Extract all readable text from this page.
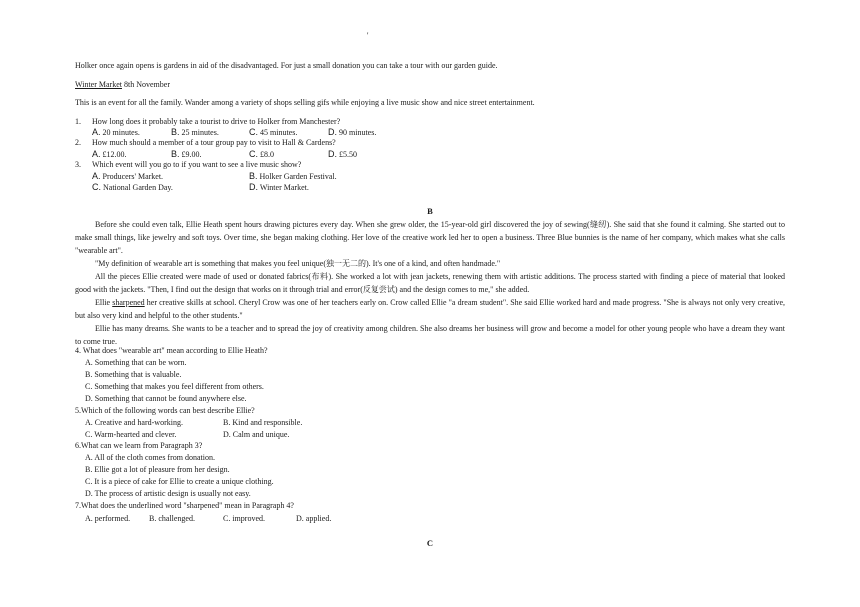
'
Holker once again opens is gardens in aid of the disadvantaged. For just a small donation you can take a tour with our garden guide.
Winter Market 8th November
This is an event for all the family. Wander among a variety of shops selling gifs while enjoying a live music show and nice street entertainment.
1. How long does it probably take a tourist to drive to Holker from Manchester?
A. 20 minutes.	B. 25 minutes.	C. 45 minutes.	D. 90 minutes.
2. How much should a member of a tour group pay to visit to Hall & Cardens?
A. £12.00.	B. £9.00.	C. £8.0	D. £5.50
3. Which event will you go to if you want to see a live music show?
A. Producers' Market.	B. Holker Garden Festival.
C. National Garden Day.	D. Winter Market.
B
Before she could even talk, Ellie Heath spent hours drawing pictures every day. When she grew older, the 15-year-old girl discovered the joy of sewing(缝纫). She said that she found it calming. She started out to make small things, like jewelry and soft toys. Over time, she began making clothing. Her love of the creative work led her to open a business. Three Blue bunnies is the name of her company, which makes what she calls "wearable art".
"My definition of wearable art is something that makes you feel unique(独一无二的). It's one of a kind, and often handmade."
All the pieces Ellie created were made of used or donated fabrics(布料). She worked a lot with jean jackets, renewing them with artistic additions. The process started with finding a piece of material that looked good with the jackets. "Then, I find out the design that works on it through trial and error(反复尝试) and the design comes to me," she added.
Ellie sharpened her creative skills at school. Cheryl Crow was one of her teachers early on. Crow called Ellie "a dream student". She said Ellie worked hard and made progress. "She is always not only very creative, but also very kind and helpful to the other students."
Ellie has many dreams. She wants to be a teacher and to spread the joy of creativity among children. She also dreams her business will grow and become a model for other young people who have a dream they want to come true.
4. What does "wearable art" mean according to Ellie Heath?
A. Something that can be worn.
B. Something that is valuable.
C. Something that makes you feel different from others.
D. Something that cannot be found anywhere else.
5.Which of the following words can best describe Ellie?
A. Creative and hard-working.	B. Kind and responsible.
C. Warm-hearted and clever.	D. Calm and unique.
6.What can we learn from Paragraph 3?
A. All of the cloth comes from donation.
B. Ellie got a lot of pleasure from her design.
C. It is a piece of cake for Ellie to create a unique clothing.
D. The process of artistic design is usually not easy.
7.What does the underlined word "sharpened" mean in Paragraph 4?
A. performed. B. challenged.	C. improved.	D. applied.
C
